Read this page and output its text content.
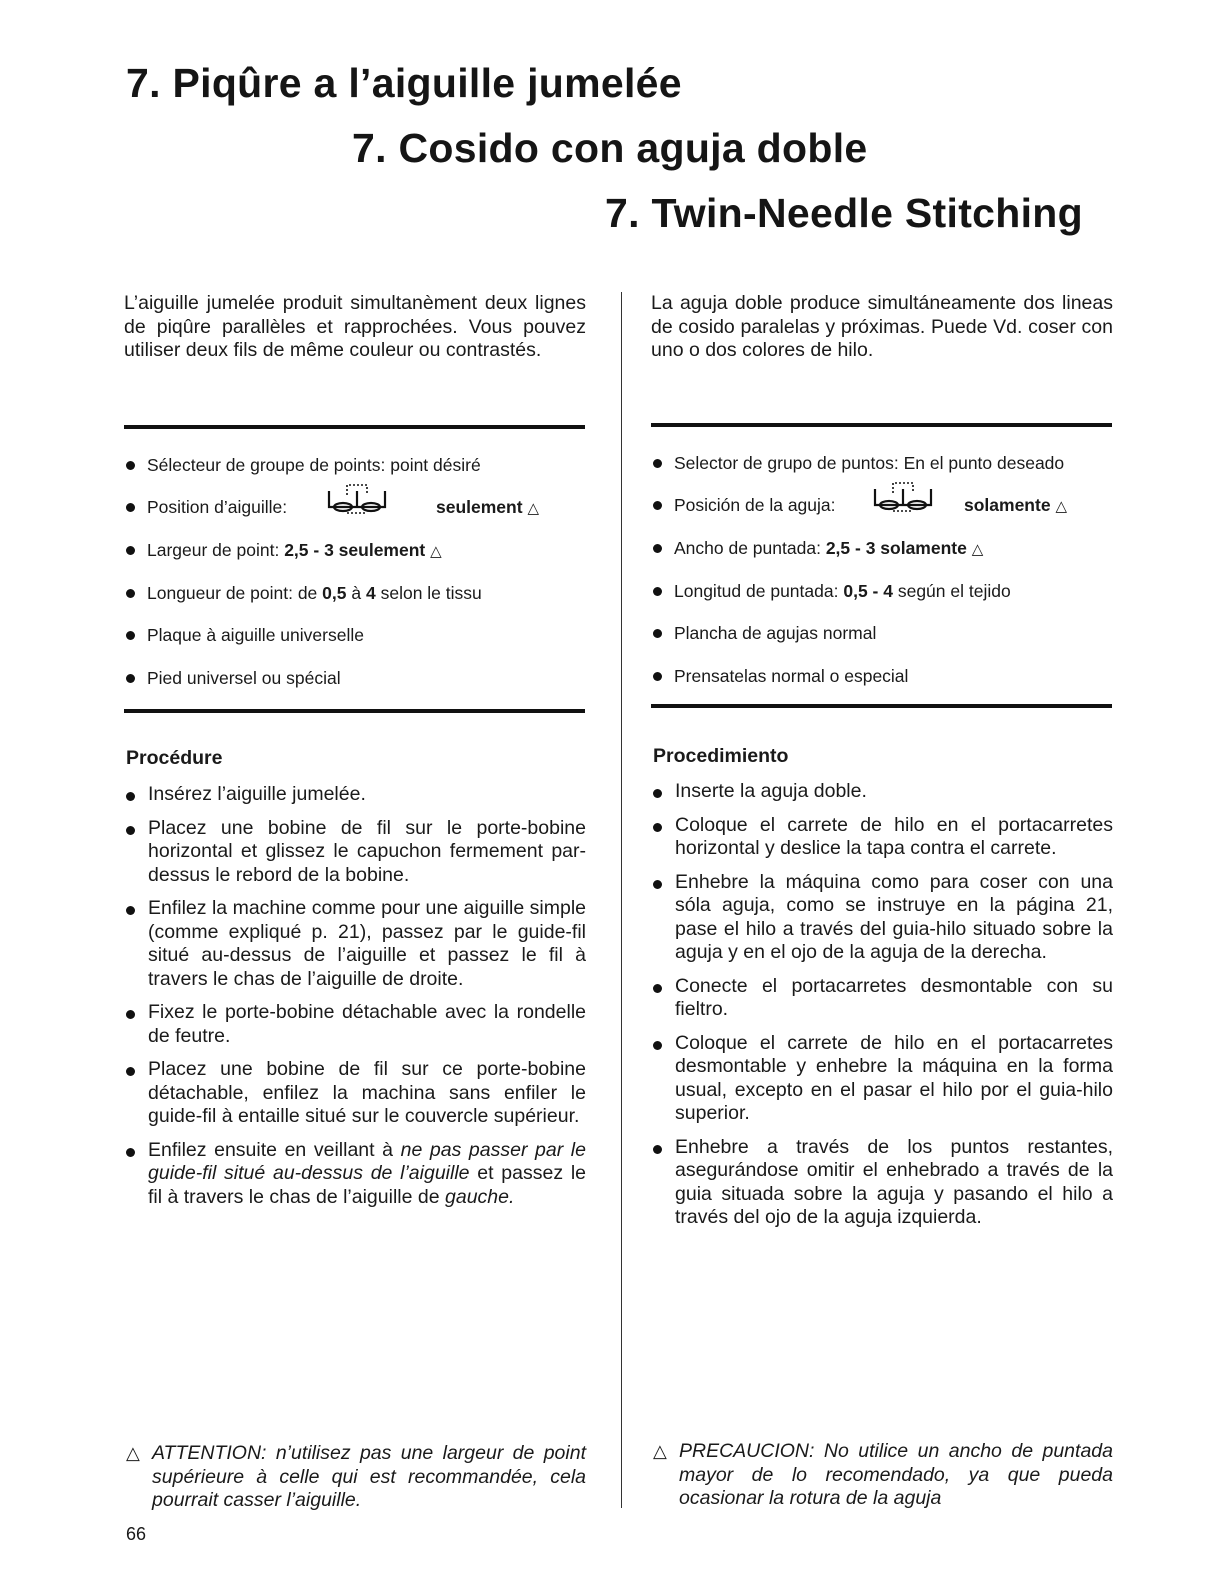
7. Piqûre a l’aiguille jumelée
7. Cosido con aguja doble
7. Twin-Needle Stitching

L’aiguille jumelée produit simultanèment deux lignes de piqûre parallèles et rapprochées. Vous pouvez utiliser deux fils de même couleur ou contrastés.

Sélecteur de groupe de points: point désiré
Position d’aiguille:	seulement △
Largeur de point: 2,5 - 3 seulement △
Longueur de point: de 0,5 à 4 selon le tissu
Plaque à aiguille universelle
Pied universel ou spécial
Procédure
Insérez l’aiguille jumelée.
Placez une bobine de fil sur le porte-bobine horizontal et glissez le capuchon fermement par-dessus le rebord de la bobine.
Enfilez la machine comme pour une aiguille simple (comme expliqué p. 21), passez par le guide-fil situé au-dessus de l’aiguille et passez le fil à travers le chas de l’aiguille de droite.
Fixez le porte-bobine détachable avec la rondelle de feutre.
Placez une bobine de fil sur ce porte-bobine détachable, enfilez la machina sans enfiler le guide-fil à entaille situé sur le couvercle supérieur.
Enfilez ensuite en veillant à ne pas passer par le guide-fil situé au-dessus de l’aiguille et passez le fil à travers le chas de l’aiguille de gauche.

△ ATTENTION: n’utilisez pas une largeur de point supérieure à celle qui est recommandée, cela pourrait casser l’aiguille.

La aguja doble produce simultáneamente dos lineas de cosido paralelas y próximas. Puede Vd. coser con uno o dos colores de hilo.

Selector de grupo de puntos: En el punto deseado
Posición de la aguja:	solamente △
Ancho de puntada: 2,5 - 3 solamente △
Longitud de puntada: 0,5 - 4 según el tejido
Plancha de agujas normal
Prensatelas normal o especial
Procedimiento
Inserte la aguja doble.
Coloque el carrete de hilo en el portacarretes horizontal y deslice la tapa contra el carrete.
Enhebre la máquina como para coser con una sóla aguja, como se instruye en la página 21, pase el hilo a través del guia-hilo situado sobre la aguja y en el ojo de la aguja de la derecha.
Conecte el portacarretes desmontable con su fieltro.
Coloque el carrete de hilo en el portacarretes desmontable y enhebre la máquina en la forma usual, excepto en el pasar el hilo por el guia-hilo superior.
Enhebre a través de los puntos restantes, asegurándose omitir el enhebrado a través de la guia situada sobre la aguja y pasando el hilo a través del ojo de la aguja izquierda.

△ PRECAUCION: No utilice un ancho de puntada mayor de lo recomendado, ya que pueda ocasionar la rotura de la aguja

66
